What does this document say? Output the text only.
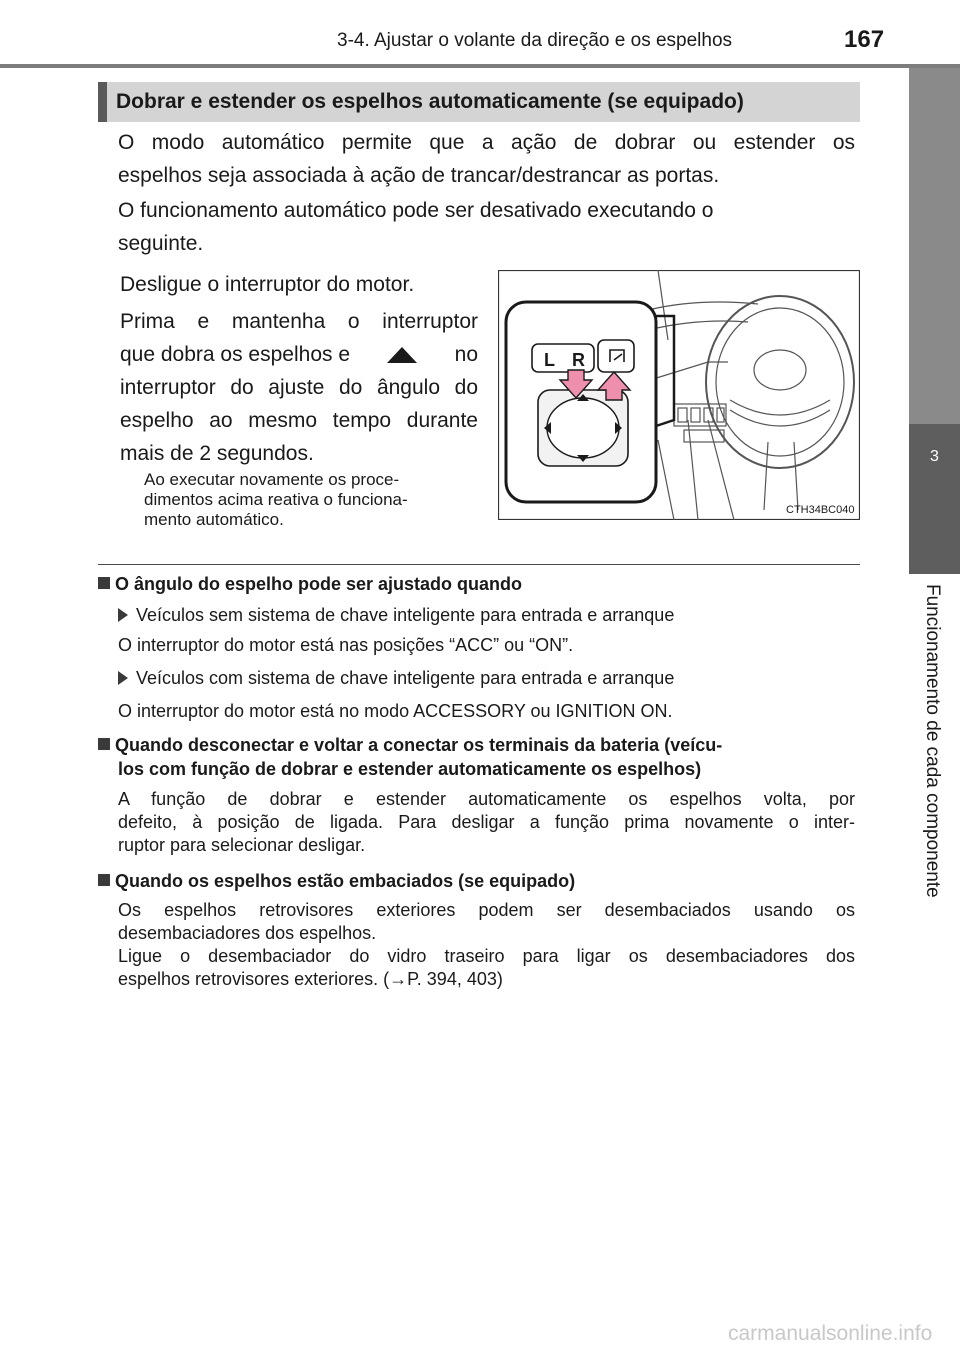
3-4. Ajustar o volante da direção e os espelhos	167
3
Funcionamento de cada componente
Dobrar e estender os espelhos automaticamente (se equipado)
O modo automático permite que a ação de dobrar ou estender os
espelhos seja associada à ação de trancar/destrancar as portas.
O funcionamento automático pode ser desativado executando o
seguinte.
Desligue o interruptor do motor.
Prima e mantenha o interruptor
que dobra os espelhos e	no
interruptor do ajuste do ângulo do
espelho ao mesmo tempo durante
mais de 2 segundos.
Ao executar novamente os proce-
dimentos acima reativa o funciona-
mento automático.
L R
CTH34BC040
O ângulo do espelho pode ser ajustado quando
Veículos sem sistema de chave inteligente para entrada e arranque
O interruptor do motor está nas posições “ACC” ou “ON”.
Veículos com sistema de chave inteligente para entrada e arranque
O interruptor do motor está no modo ACCESSORY ou IGNITION ON.
Quando desconectar e voltar a conectar os terminais da bateria (veícu-
los com função de dobrar e estender automaticamente os espelhos)
A função de dobrar e estender automaticamente os espelhos volta, por
defeito, à posição de ligada. Para desligar a função prima novamente o inter-
ruptor para selecionar desligar.
Quando os espelhos estão embaciados (se equipado)
Os espelhos retrovisores exteriores podem ser desembaciados usando os
desembaciadores dos espelhos.
Ligue o desembaciador do vidro traseiro para ligar os desembaciadores dos
espelhos retrovisores exteriores. (→P. 394, 403)
carmanualsonline.info
